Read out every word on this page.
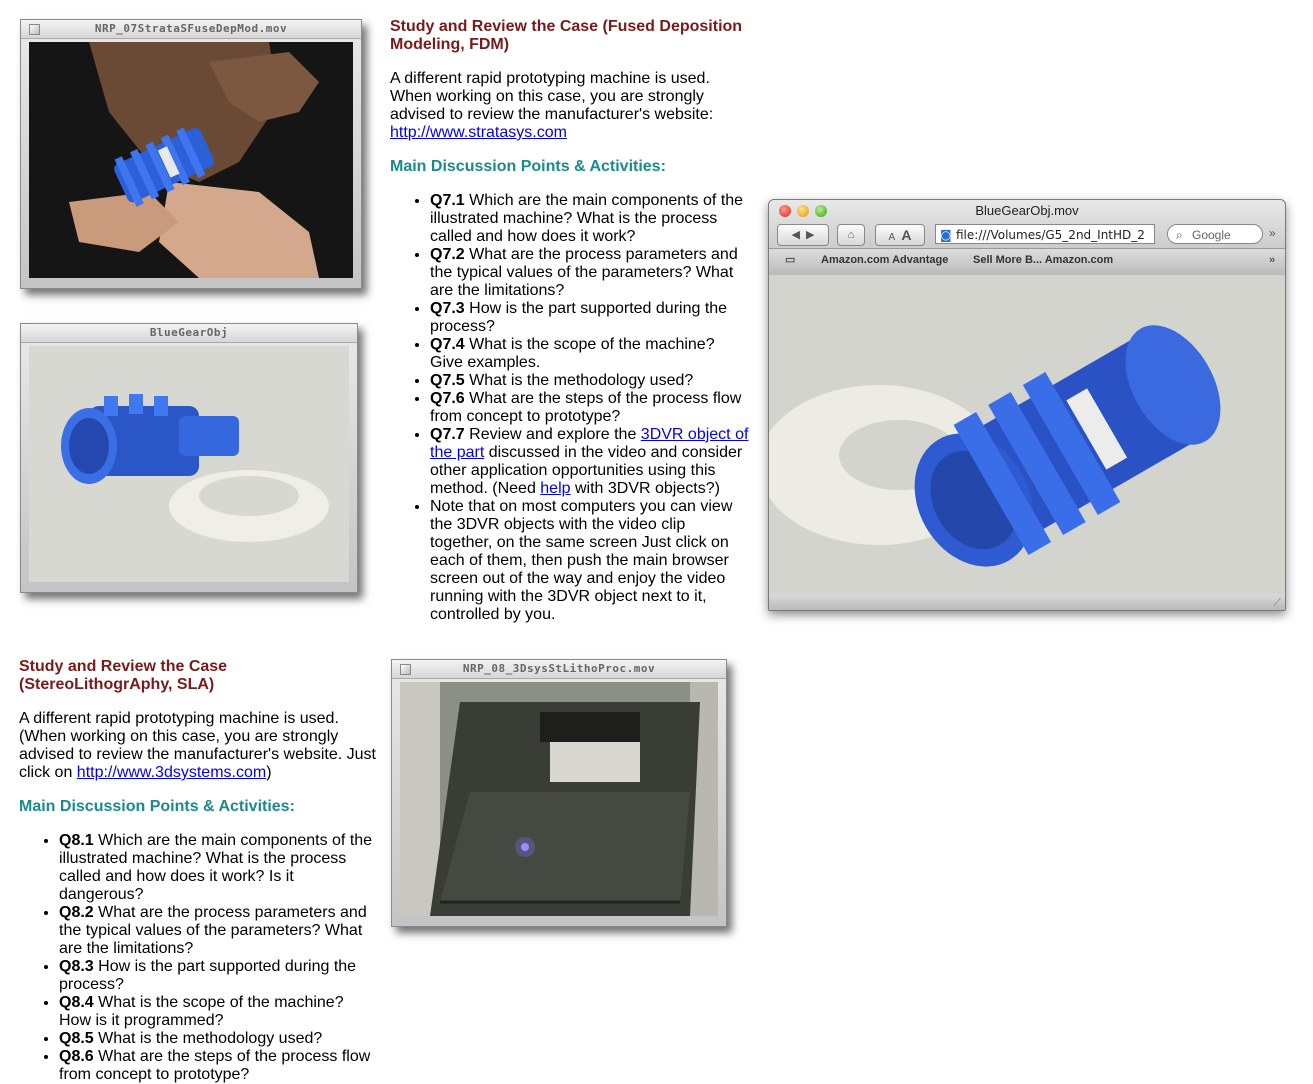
NRP_07StrataSFuseDepMod.mov
BlueGearObj
Study and Review the Case (Fused Deposition Modeling, FDM)

A different rapid prototyping machine is used. When working on this case, you are strongly advised to review the manufacturer's website:
http://www.stratasys.com

Main Discussion Points & Activities:
• Q7.1 Which are the main components of the illustrated machine? What is the process called and how does it work?
• Q7.2 What are the process parameters and the typical values of the parameters? What are the limitations?
• Q7.3 How is the part supported during the process?
• Q7.4 What is the scope of the machine? Give examples.
• Q7.5 What is the methodology used?
• Q7.6 What are the steps of the process flow from concept to prototype?
• Q7.7 Review and explore the 3DVR object of the part discussed in the video and consider other application opportunities using this method. (Need help with 3DVR objects?)
• Note that on most computers you can view the 3DVR objects with the video clip together, on the same screen Just click on each of them, then push the main browser screen out of the way and enjoy the video running with the 3DVR object next to it, controlled by you.
BlueGearObj.mov
◀  ▶	⌂	A A	◙ file:///Volumes/G5_2nd_IntHD_2	⌕ Google	»
▭ Amazon.com Advantage Sell More B... Amazon.com	»
⟋
Study and Review the Case (StereoLithogrAphy, SLA)

A different rapid prototyping machine is used. (When working on this case, you are strongly advised to review the manufacturer's website. Just click on http://www.3dsystems.com)

Main Discussion Points & Activities:
• Q8.1 Which are the main components of the illustrated machine? What is the process called and how does it work? Is it dangerous?
• Q8.2 What are the process parameters and the typical values of the parameters? What are the limitations?
• Q8.3 How is the part supported during the process?
• Q8.4 What is the scope of the machine? How is it programmed?
• Q8.5 What is the methodology used?
• Q8.6 What are the steps of the process flow from concept to prototype?
NRP_08_3DsysStLithoProc.mov
